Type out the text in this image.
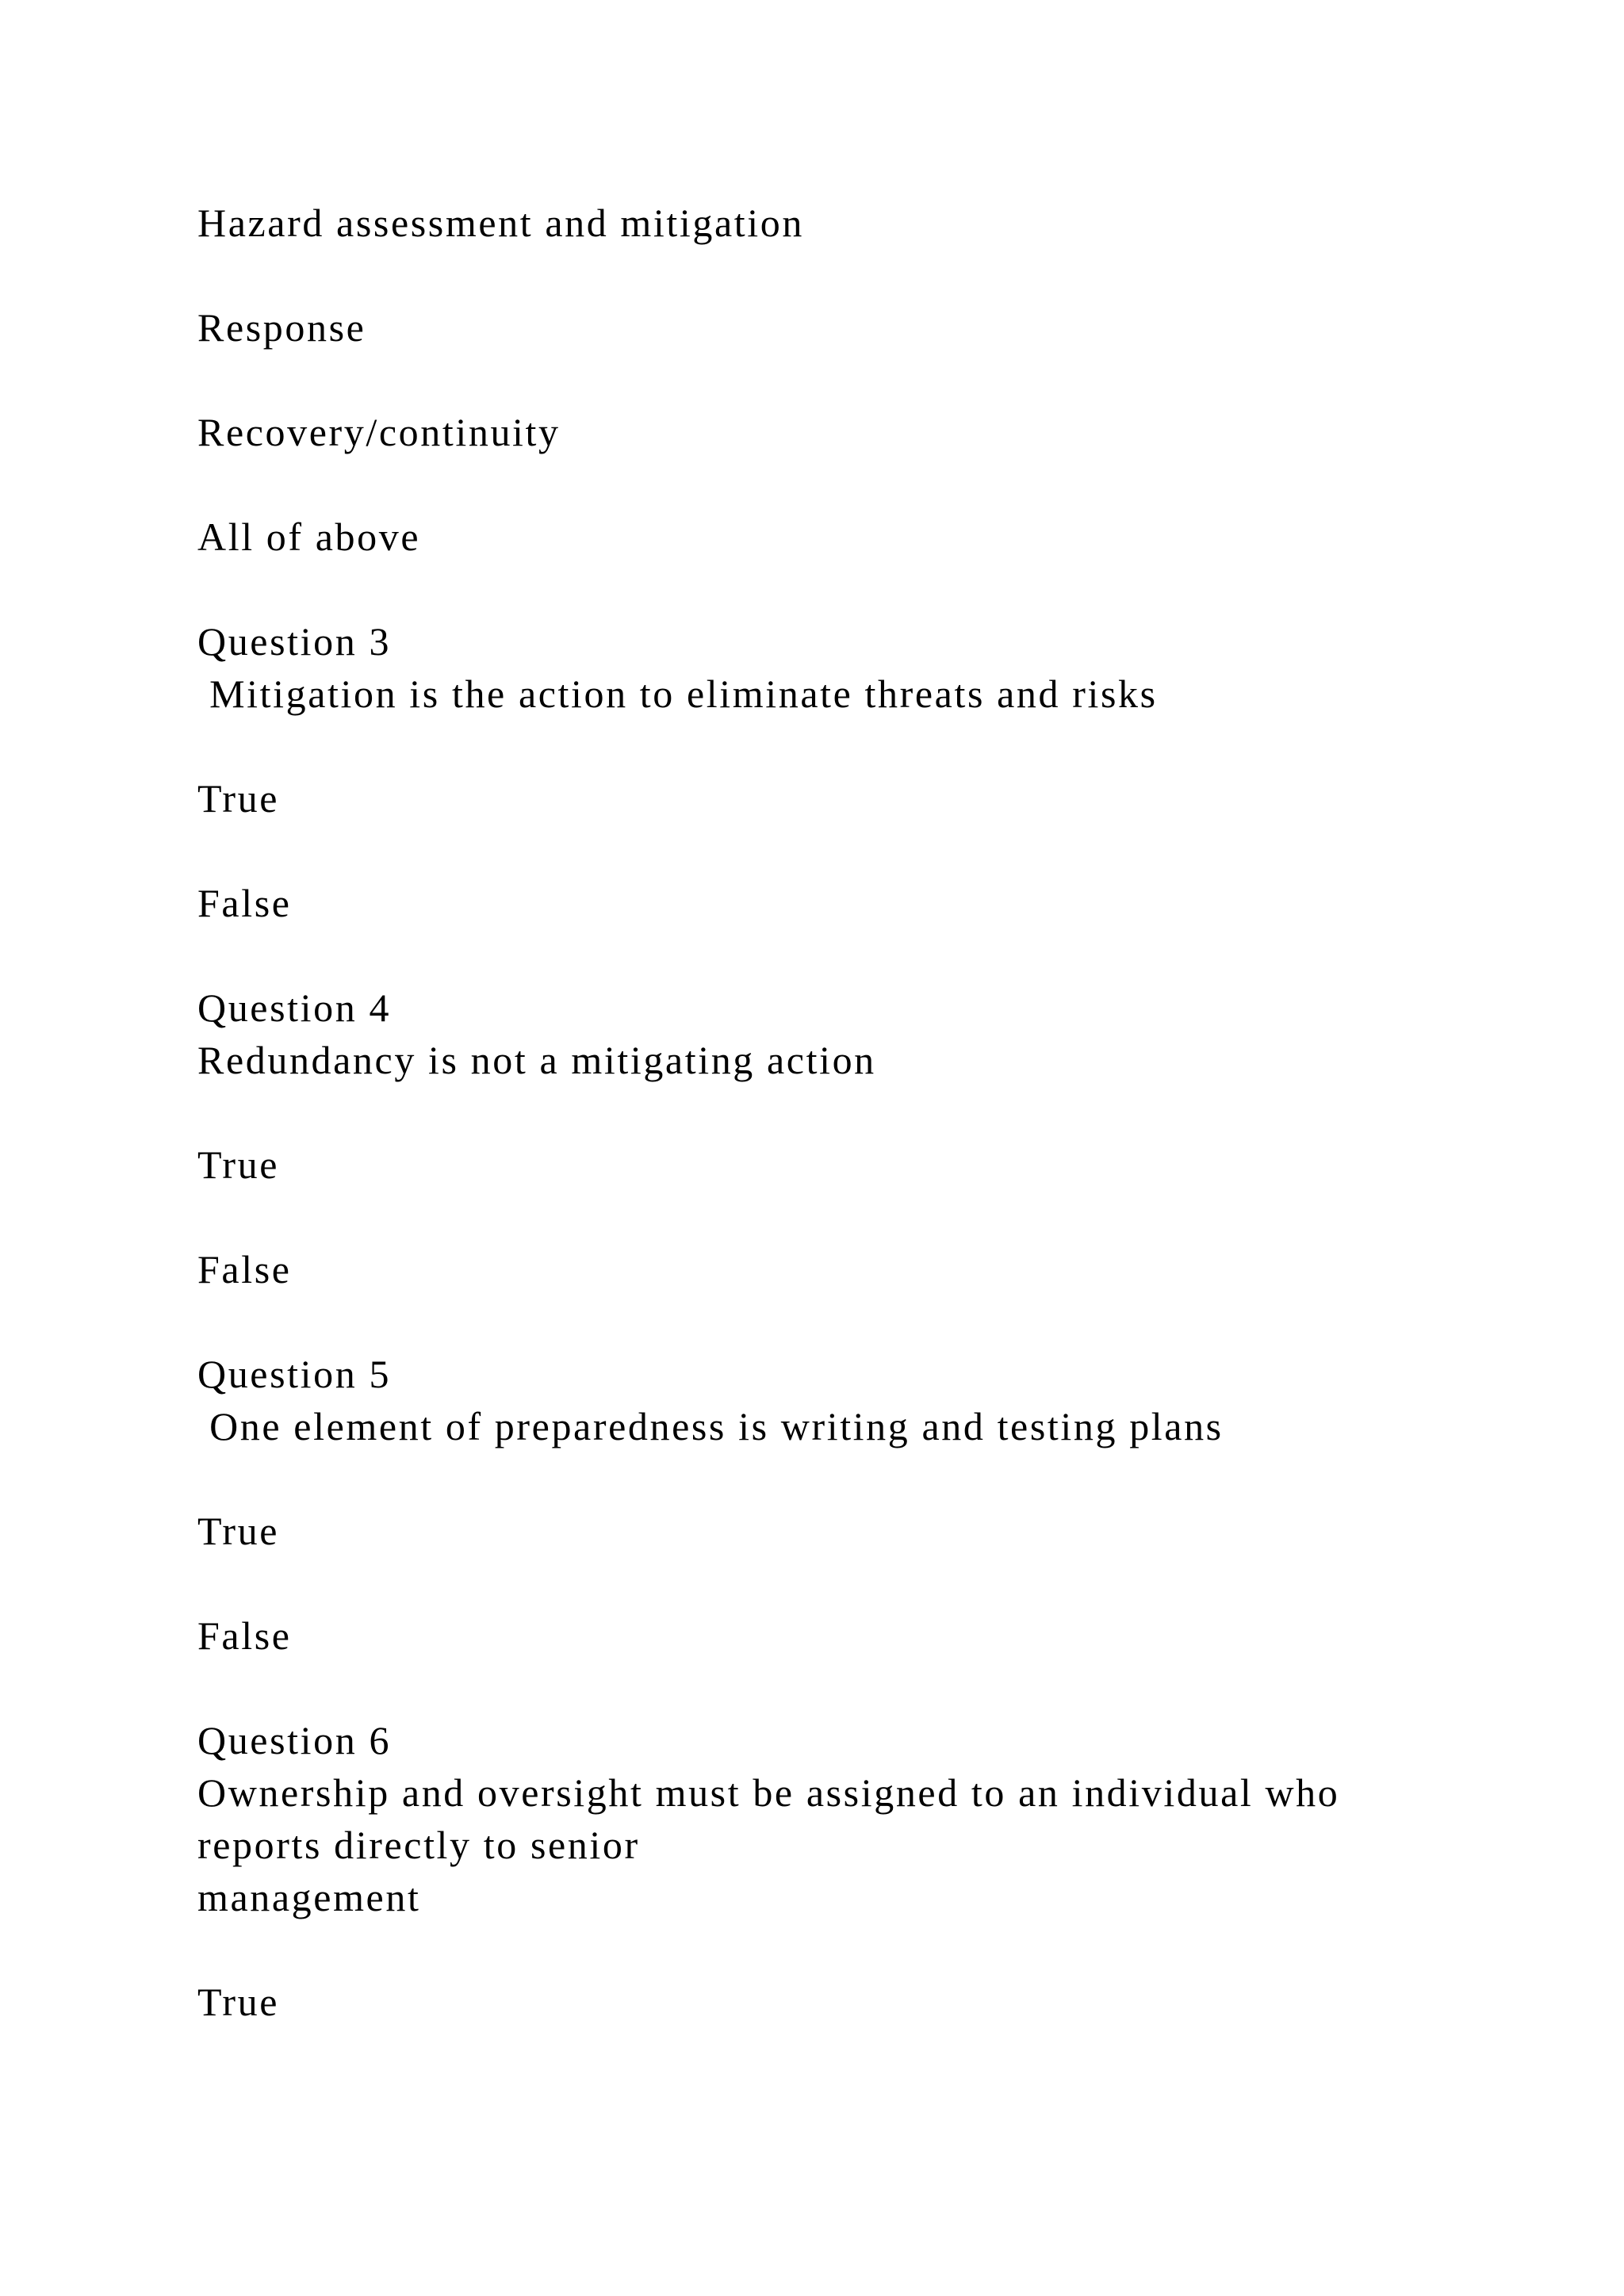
Hazard assessment and mitigation
Response
Recovery/continuity
All of above
Question 3
Mitigation is the action to eliminate threats and risks
True
False
Question 4
Redundancy is not a mitigating action
True
False
Question 5
One element of preparedness is writing and testing plans
True
False
Question 6
Ownership and oversight must be assigned to an individual who
reports directly to senior
management
True
